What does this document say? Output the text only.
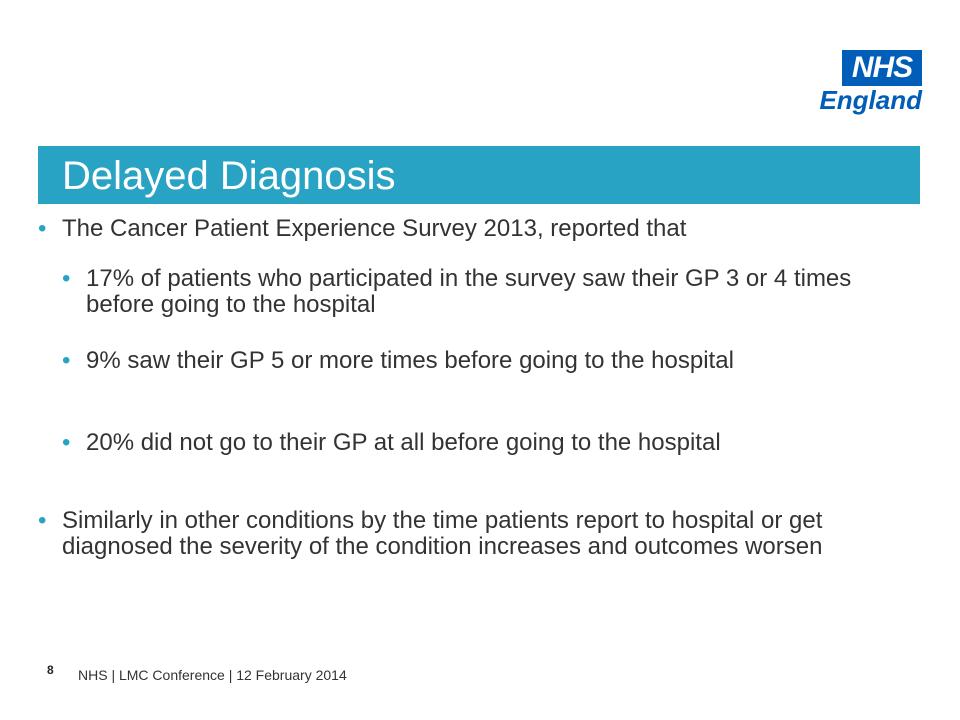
NHS
England
Delayed Diagnosis
• The Cancer Patient Experience Survey 2013, reported that
• 17% of patients who participated in the survey saw their GP 3 or 4 times before going to the hospital
• 9% saw their GP 5 or more times before going to the hospital
• 20% did not go to their GP at all before going to the hospital
• Similarly in other conditions by the time patients report to hospital or get diagnosed the severity of the condition increases and outcomes worsen
8 NHS | LMC Conference | 12 February 2014
